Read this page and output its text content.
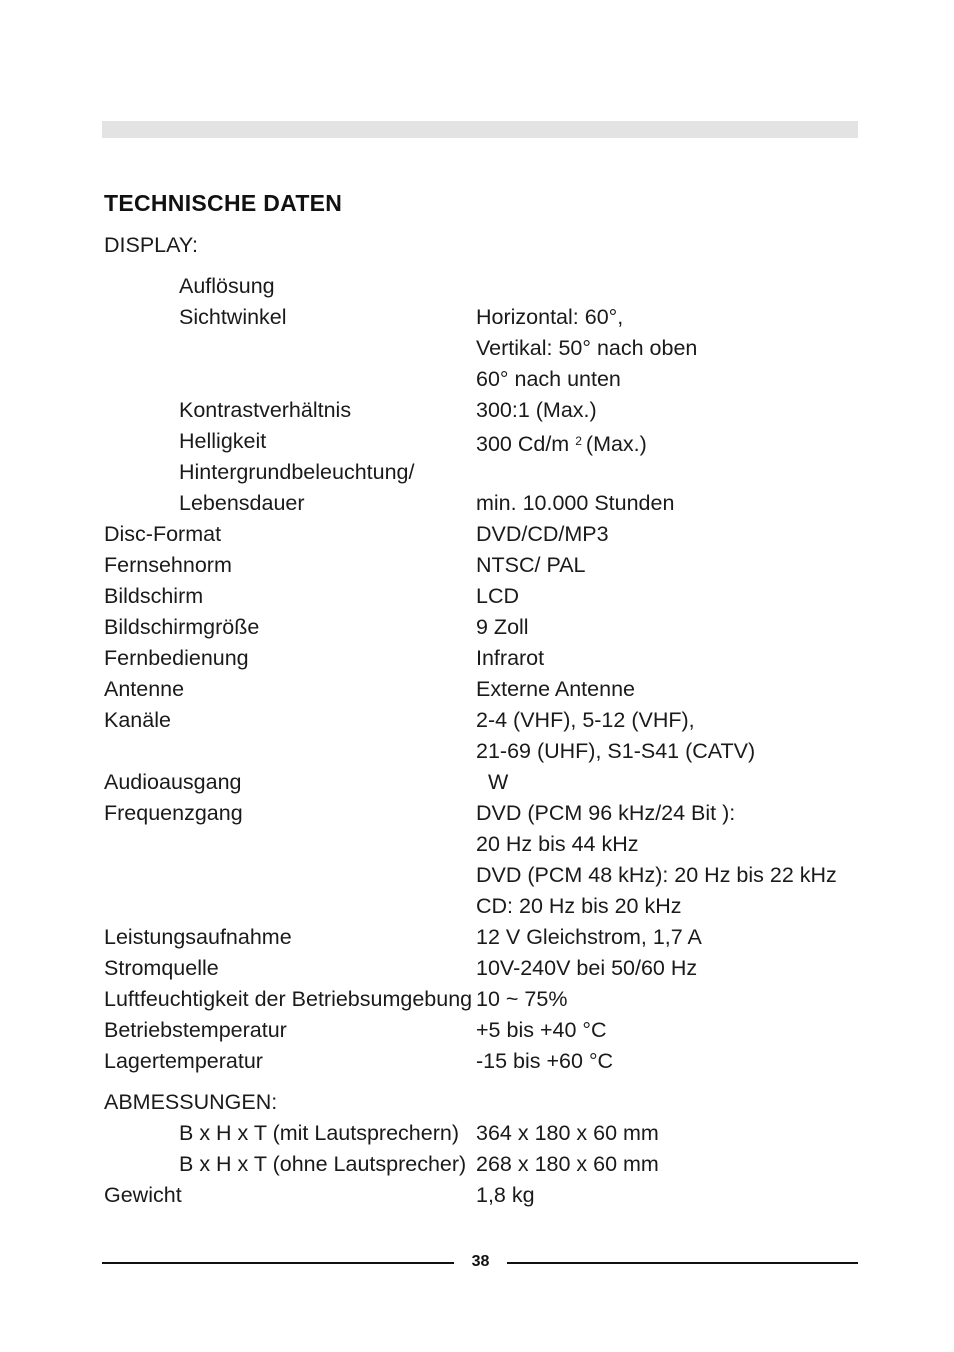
TECHNISCHE DATEN
DISPLAY:
Auflösung
Sichtwinkel	Horizontal: 60°,
Vertikal: 50° nach oben
60° nach unten
Kontrastverhältnis	300:1 (Max.)
Helligkeit	300 Cd/m $^2$ (Max.)
Hintergrundbeleuchtung/
Lebensdauer	min. 10.000 Stunden
Disc-Format	DVD/CD/MP3
Fernsehnorm	NTSC/ PAL
Bildschirm	LCD
Bildschirmgröße	9 Zoll
Fernbedienung	Infrarot
Antenne	Externe Antenne
Kanäle	2-4 (VHF), 5-12 (VHF),
21-69 (UHF), S1-S41 (CATV)
Audioausgang	W
Frequenzgang	DVD (PCM 96 kHz/24 Bit ):
20 Hz bis 44 kHz
DVD (PCM 48 kHz): 20 Hz bis 22 kHz
CD: 20 Hz bis 20 kHz
Leistungsaufnahme	12 V Gleichstrom, 1,7 A
Stromquelle	10V-240V bei 50/60 Hz
Luftfeuchtigkeit der Betriebsumgebung 10 ~ 75%
Betriebstemperatur	+5 bis +40 °C
Lagertemperatur	-15 bis +60 °C
ABMESSUNGEN:
B x H x T (mit Lautsprechern) 364 x 180 x 60 mm
B x H x T (ohne Lautsprecher) 268 x 180 x 60 mm
Gewicht	1,8 kg
38
